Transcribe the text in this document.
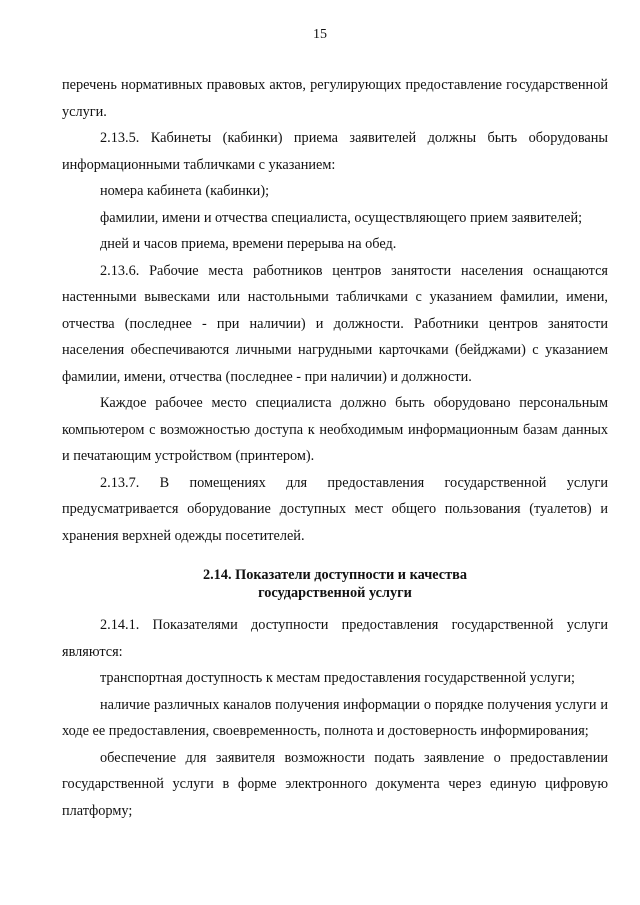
15

перечень нормативных правовых актов, регулирующих предоставление государственной услуги.

2.13.5. Кабинеты (кабинки) приема заявителей должны быть оборудованы информационными табличками с указанием:

номера кабинета (кабинки);

фамилии, имени и отчества специалиста, осуществляющего прием заявителей;

дней и часов приема, времени перерыва на обед.

2.13.6. Рабочие места работников центров занятости населения оснащаются настенными вывесками или настольными табличками с указанием фамилии, имени, отчества (последнее - при наличии) и должности. Работники центров занятости населения обеспечиваются личными нагрудными карточками (бейджами) с указанием фамилии, имени, отчества (последнее - при наличии) и должности.

Каждое рабочее место специалиста должно быть оборудовано персональным компьютером с возможностью доступа к необходимым информационным базам данных и печатающим устройством (принтером).

2.13.7. В помещениях для предоставления государственной услуги предусматривается оборудование доступных мест общего пользования (туалетов) и хранения верхней одежды посетителей.

2.14. Показатели доступности и качества
государственной услуги

2.14.1. Показателями доступности предоставления государственной услуги являются:

транспортная доступность к местам предоставления государственной услуги;

наличие различных каналов получения информации о порядке получения услуги и ходе ее предоставления, своевременность, полнота и достоверность информирования;

обеспечение для заявителя возможности подать заявление о предоставлении государственной услуги в форме электронного документа через единую цифровую платформу;
